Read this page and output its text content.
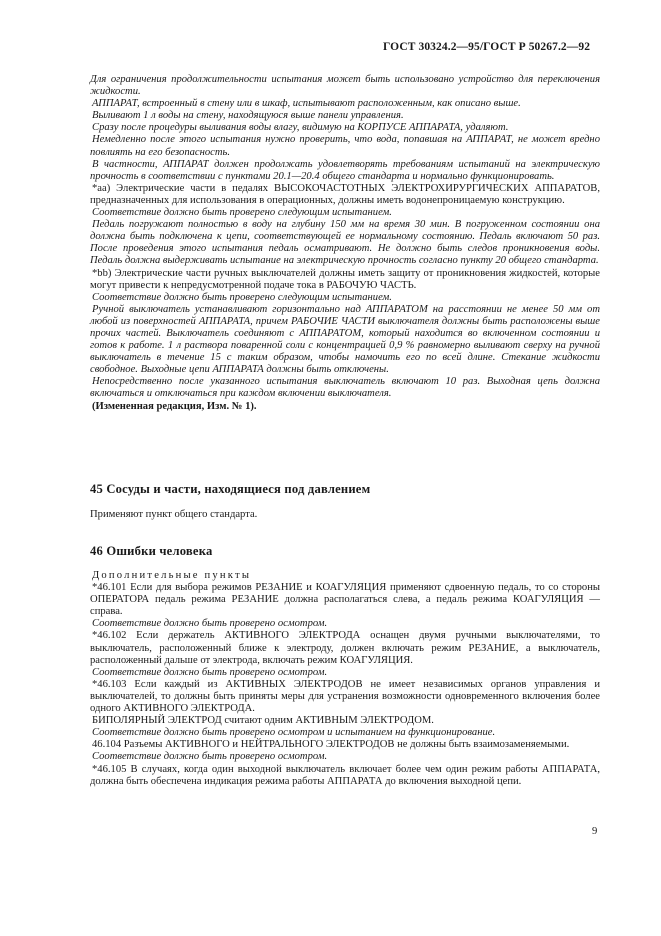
ГОСТ 30324.2—95/ГОСТ Р 50267.2—92

Для ограничения продолжительности испытания может быть использовано устройство для переключения жидкости.

АППАРАТ, встроенный в стену или в шкаф, испытывают расположенным, как описано выше.

Выливают 1 л воды на стену, находящуюся выше панели управления.

Сразу после процедуры выливания воды влагу, видимую на КОРПУСЕ АППАРАТА, удаляют.

Немедленно после этого испытания нужно проверить, что вода, попавшая на АППАРАТ, не может вредно повлиять на его безопасность.

В частности, АППАРАТ должен продолжать удовлетворять требованиям испытаний на электрическую прочность в соответствии с пунктами 20.1—20.4 общего стандарта и нормально функционировать.

*аа) Электрические части в педалях ВЫСОКОЧАСТОТНЫХ ЭЛЕКТРОХИРУРГИЧЕСКИХ АППАРАТОВ, предназначенных для использования в операционных, должны иметь водонепроницаемую конструкцию.

Соответствие должно быть проверено следующим испытанием.

Педаль погружают полностью в воду на глубину 150 мм на время 30 мин. В погруженном состоянии она должна быть подключена к цепи, соответствующей ее нормальному состоянию. Педаль включают 50 раз. После проведения этого испытания педаль осматривают. Не должно быть следов проникновения воды. Педаль должна выдерживать испытание на электрическую прочность согласно пункту 20 общего стандарта.

*bb) Электрические части ручных выключателей должны иметь защиту от проникновения жидкостей, которые могут привести к непредусмотренной подаче тока в РАБОЧУЮ ЧАСТЬ.

Соответствие должно быть проверено следующим испытанием.

Ручной выключатель устанавливают горизонтально над АППАРАТОМ на расстоянии не менее 50 мм от любой из поверхностей АППАРАТА, причем РАБОЧИЕ ЧАСТИ выключателя должны быть расположены выше прочих частей. Выключатель соединяют с АППАРАТОМ, который находится во включенном состоянии и готов к работе. 1 л раствора поваренной соли с концентрацией 0,9 % равномерно выливают сверху на ручной выключатель в течение 15 с таким образом, чтобы намочить его по всей длине. Стекание жидкости свободное. Выходные цепи АППАРАТА должны быть отключены.

Непосредственно после указанного испытания выключатель включают 10 раз. Выходная цепь должна включаться и отключаться при каждом включении выключателя.

(Измененная редакция, Изм. № 1).

45 Сосуды и части, находящиеся под давлением
Применяют пункт общего стандарта.
46 Ошибки человека

Дополнительные пункты

*46.101 Если для выбора режимов РЕЗАНИЕ и КОАГУЛЯЦИЯ применяют сдвоенную педаль, то со стороны ОПЕРАТОРА педаль режима РЕЗАНИЕ должна располагаться слева, а педаль режима КОАГУЛЯЦИЯ — справа.

Соответствие должно быть проверено осмотром.

*46.102 Если держатель АКТИВНОГО ЭЛЕКТРОДА оснащен двумя ручными выключателями, то выключатель, расположенный ближе к электроду, должен включать режим РЕЗАНИЕ, а выключатель, расположенный дальше от электрода, включать режим КОАГУЛЯЦИЯ.

Соответствие должно быть проверено осмотром.

*46.103 Если каждый из АКТИВНЫХ ЭЛЕКТРОДОВ не имеет независимых органов управления и выключателей, то должны быть приняты меры для устранения возможности одновременного включения более одного АКТИВНОГО ЭЛЕКТРОДА.

БИПОЛЯРНЫЙ ЭЛЕКТРОД считают одним АКТИВНЫМ ЭЛЕКТРОДОМ.

Соответствие должно быть проверено осмотром и испытанием на функционирование.

46.104 Разъемы АКТИВНОГО и НЕЙТРАЛЬНОГО ЭЛЕКТРОДОВ не должны быть взаимозаменяемыми.

Соответствие должно быть проверено осмотром.

*46.105 В случаях, когда один выходной выключатель включает более чем один режим работы АППАРАТА, должна быть обеспечена индикация режима работы АППАРАТА до включения выходной цепи.

9
